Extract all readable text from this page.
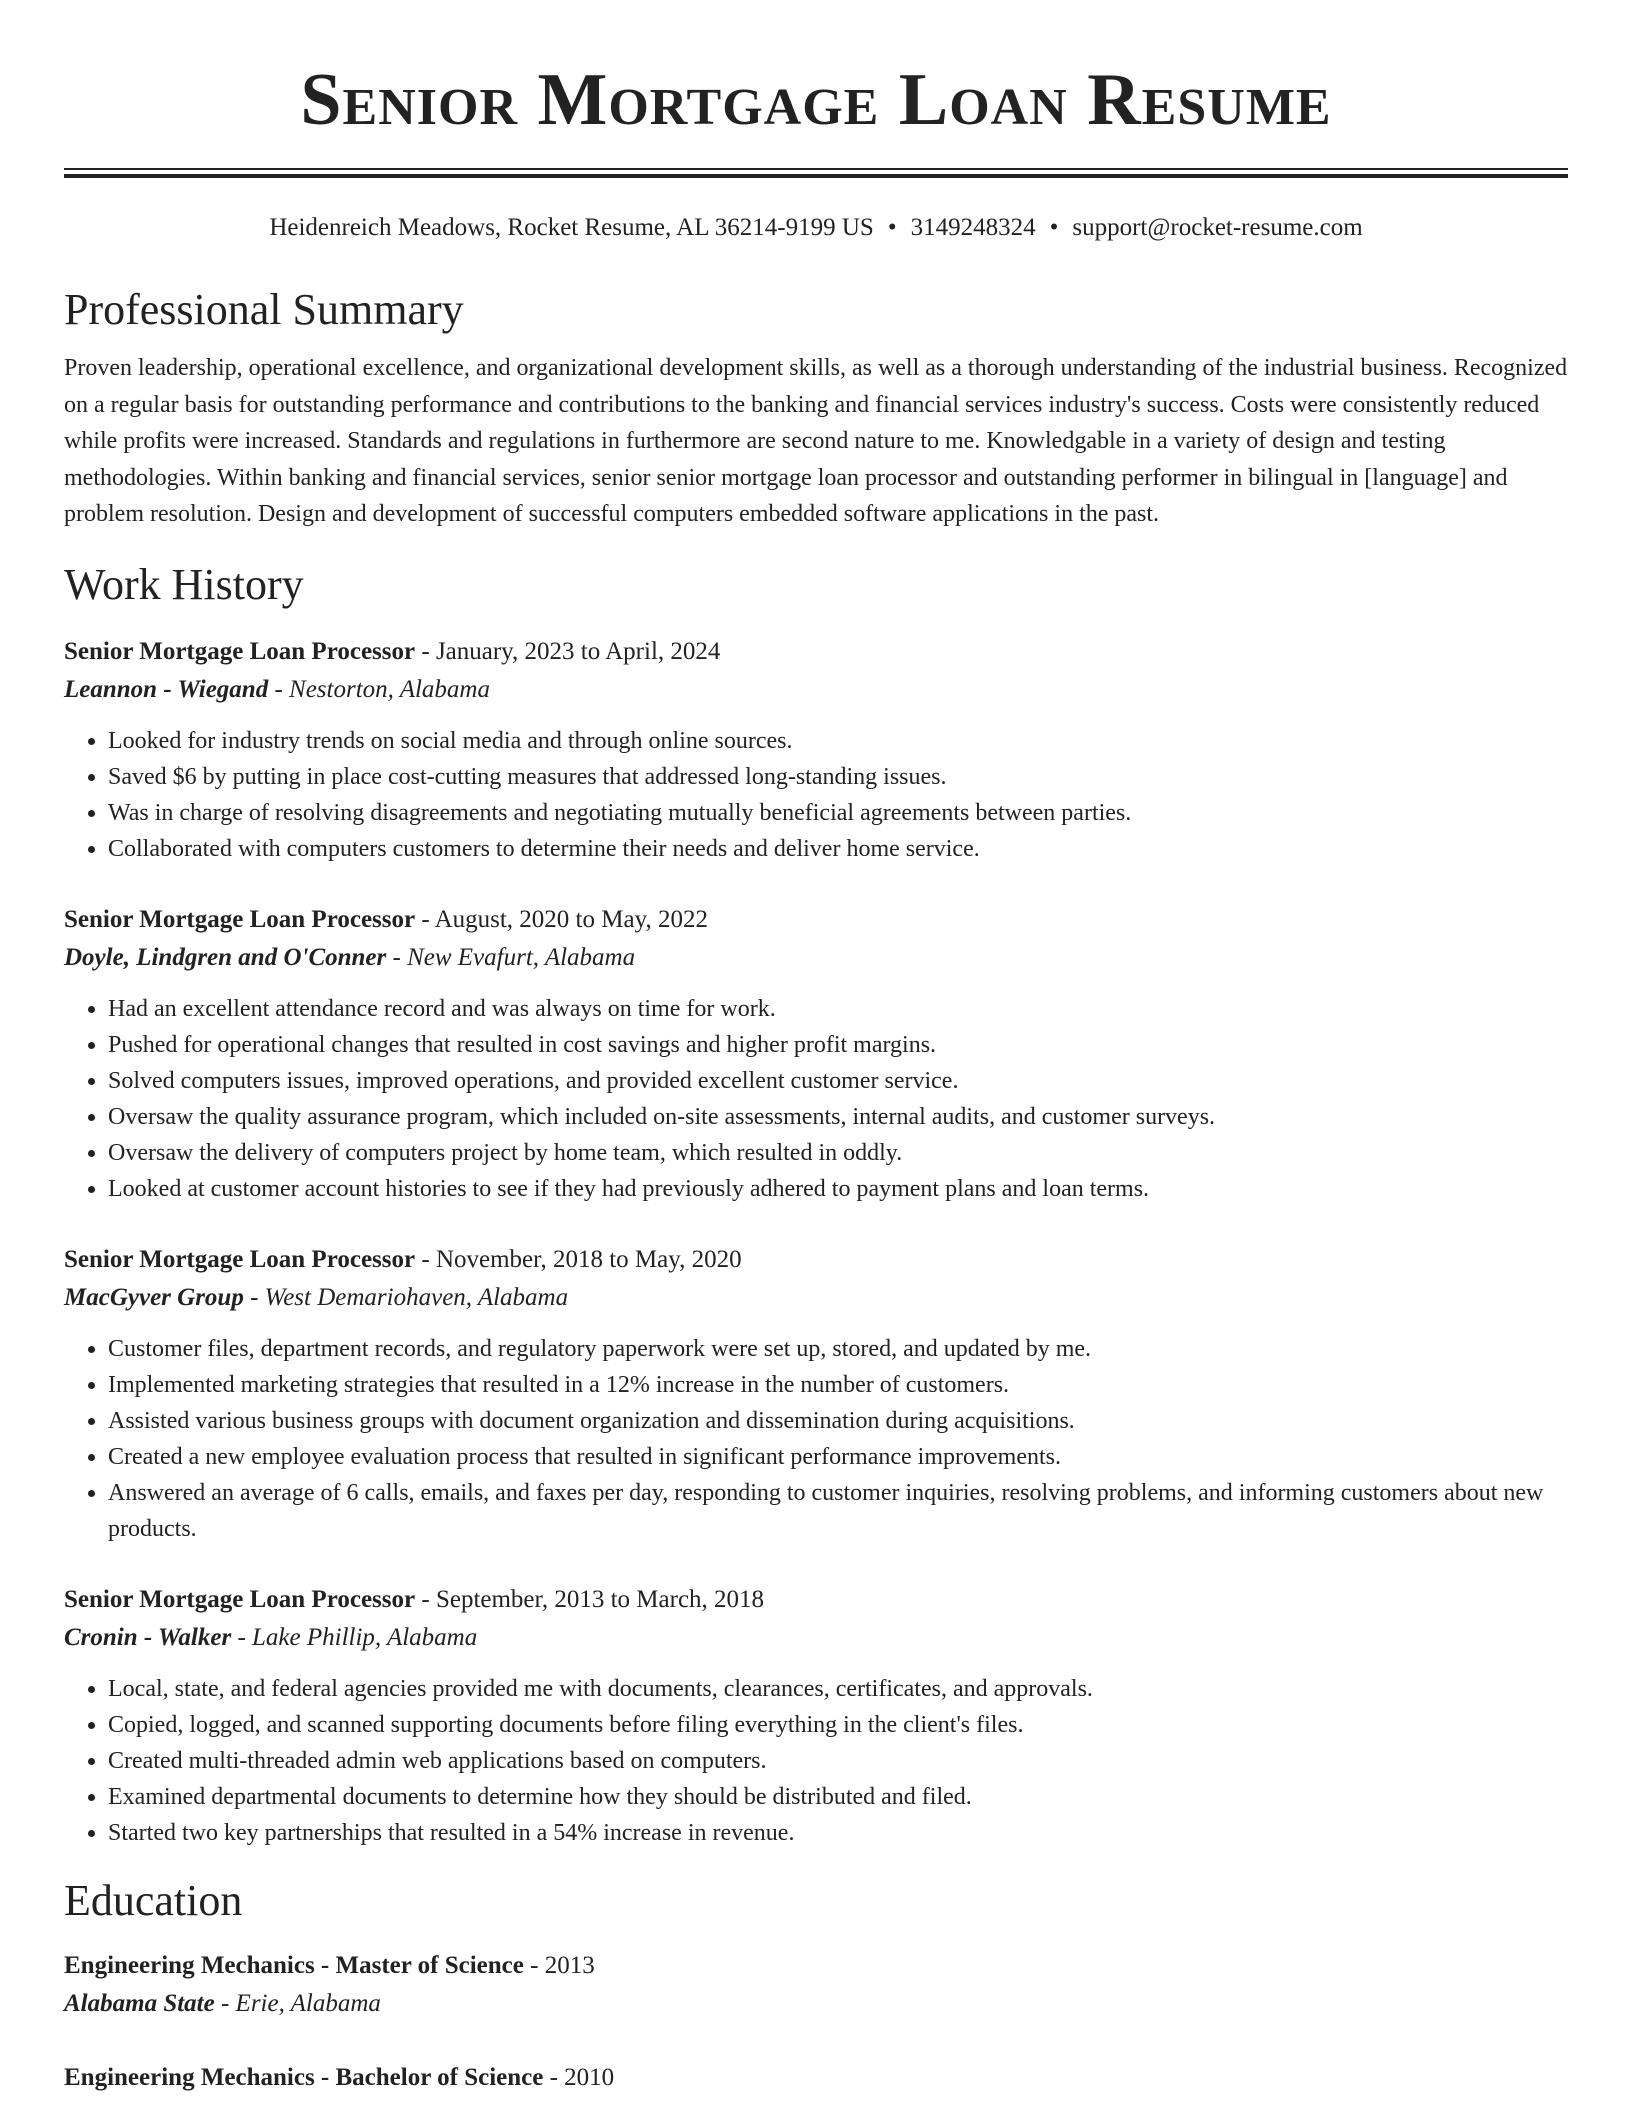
Senior Mortgage Loan Resume
Heidenreich Meadows, Rocket Resume, AL 36214-9199 US • 3149248324 • support@rocket-resume.com
Professional Summary

Proven leadership, operational excellence, and organizational development skills, as well as a thorough understanding of the industrial business. Recognized on a regular basis for outstanding performance and contributions to the banking and financial services industry's success. Costs were consistently reduced while profits were increased. Standards and regulations in furthermore are second nature to me. Knowledgable in a variety of design and testing methodologies. Within banking and financial services, senior senior mortgage loan processor and outstanding performer in bilingual in [language] and problem resolution. Design and development of successful computers embedded software applications in the past.

Work History
Senior Mortgage Loan Processor - January, 2023 to April, 2024
Leannon - Wiegand - Nestorton, Alabama
• Looked for industry trends on social media and through online sources.
• Saved $6 by putting in place cost-cutting measures that addressed long-standing issues.
• Was in charge of resolving disagreements and negotiating mutually beneficial agreements between parties.
• Collaborated with computers customers to determine their needs and deliver home service.
Senior Mortgage Loan Processor - August, 2020 to May, 2022
Doyle, Lindgren and O'Conner - New Evafurt, Alabama
• Had an excellent attendance record and was always on time for work.
• Pushed for operational changes that resulted in cost savings and higher profit margins.
• Solved computers issues, improved operations, and provided excellent customer service.
• Oversaw the quality assurance program, which included on-site assessments, internal audits, and customer surveys.
• Oversaw the delivery of computers project by home team, which resulted in oddly.
• Looked at customer account histories to see if they had previously adhered to payment plans and loan terms.
Senior Mortgage Loan Processor - November, 2018 to May, 2020
MacGyver Group - West Demariohaven, Alabama
• Customer files, department records, and regulatory paperwork were set up, stored, and updated by me.
• Implemented marketing strategies that resulted in a 12% increase in the number of customers.
• Assisted various business groups with document organization and dissemination during acquisitions.
• Created a new employee evaluation process that resulted in significant performance improvements.
• Answered an average of 6 calls, emails, and faxes per day, responding to customer inquiries, resolving problems, and informing customers about new products.
Senior Mortgage Loan Processor - September, 2013 to March, 2018
Cronin - Walker - Lake Phillip, Alabama
• Local, state, and federal agencies provided me with documents, clearances, certificates, and approvals.
• Copied, logged, and scanned supporting documents before filing everything in the client's files.
• Created multi-threaded admin web applications based on computers.
• Examined departmental documents to determine how they should be distributed and filed.
• Started two key partnerships that resulted in a 54% increase in revenue.
Education
Engineering Mechanics - Master of Science - 2013
Alabama State - Erie, Alabama
Engineering Mechanics - Bachelor of Science - 2010
